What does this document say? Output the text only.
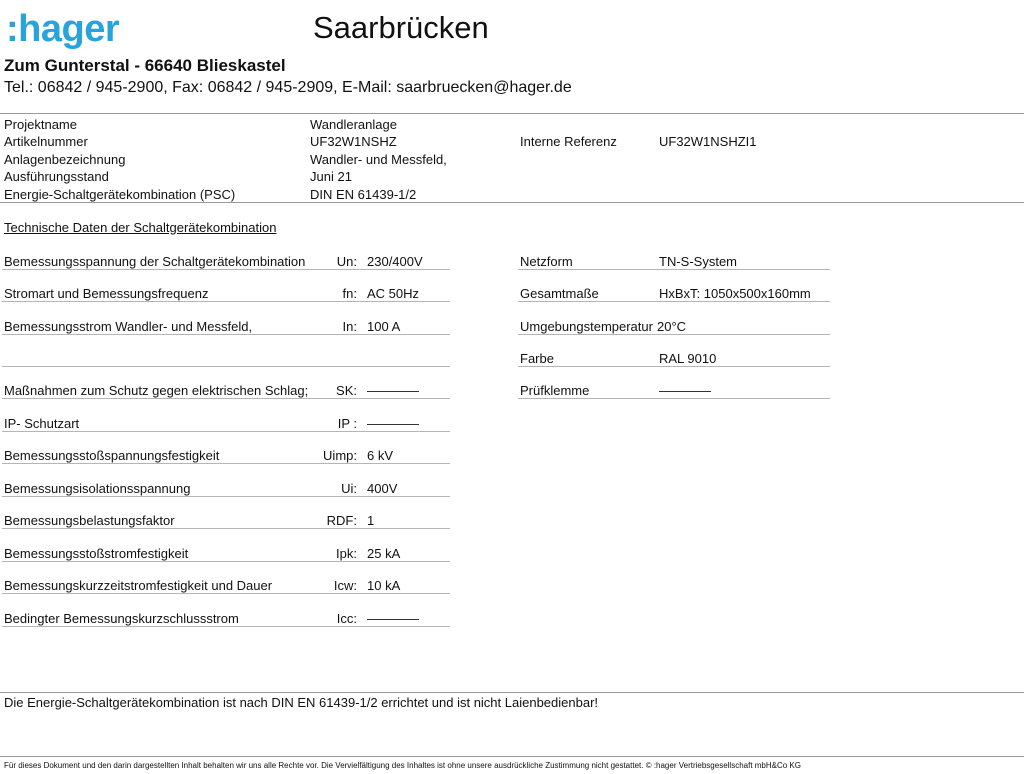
:hager	Saarbrücken
Zum Gunterstal - 66640 Blieskastel
Tel.: 06842 / 945-2900, Fax: 06842 / 945-2909, E-Mail: saarbruecken@hager.de
Projektname	Wandleranlage
Artikelnummer	UF32W1NSHZ	Interne Referenz	UF32W1NSHZI1
Anlagenbezeichnung	Wandler- und Messfeld,
Ausführungsstand	Juni 21
Energie-Schaltgerätekombination (PSC)	DIN EN 61439-1/2
Technische Daten der Schaltgerätekombination
Bemessungsspannung der Schaltgerätekombination	Un: 230/400V
Stromart und Bemessungsfrequenz	fn: AC 50Hz
Bemessungsstrom Wandler- und Messfeld,	In: 100 A
Maßnahmen zum Schutz gegen elektrischen Schlag;	SK: ————
IP- Schutzart	IP : ————
Bemessungsstoßspannungsfestigkeit	Uimp: 6 kV
Bemessungsisolationsspannung	Ui: 400V
Bemessungsbelastungsfaktor	RDF: 1
Bemessungsstoßstromfestigkeit	Ipk: 25 kA
Bemessungskurzzeitstromfestigkeit und Dauer	Icw: 10 kA
Bedingter Bemessungskurzschlussstrom	Icc: ————
Netzform	TN-S-System
Gesamtmaße	HxBxT: 1050x500x160mm
Umgebungstemperatur 20°C
Farbe	RAL 9010
Prüfklemme	————
Die Energie-Schaltgerätekombination ist nach DIN EN 61439-1/2 errichtet und ist nicht Laienbedienbar!
Für dieses Dokument und den darin dargestellten Inhalt behalten wir uns alle Rechte vor. Die Vervielfältigung des Inhaltes ist ohne unsere ausdrückliche Zustimmung nicht gestattet. © :hager Vertriebsgesellschaft mbH&Co KG
